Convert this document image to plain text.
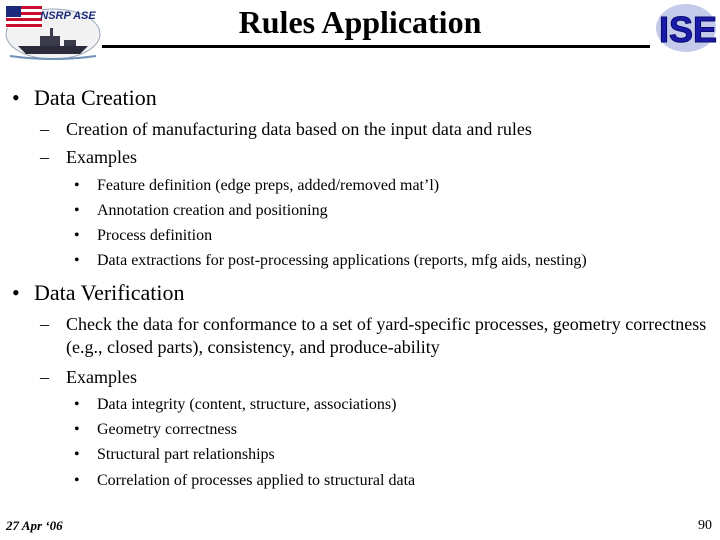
NSRP ASE	Rules Application	ISE
• Data Creation
– Creation of manufacturing data based on the input data and rules
– Examples
• Feature definition (edge preps, added/removed mat’l)
• Annotation creation and positioning
• Process definition
• Data extractions for post-processing applications (reports, mfg aids, nesting)
• Data Verification
– Check the data for conformance to a set of yard-specific processes, geometry correctness (e.g., closed parts), consistency, and produce-ability
– Examples
• Data integrity (content, structure, associations)
• Geometry correctness
• Structural part relationships
• Correlation of processes applied to structural data
27 Apr ‘06	90
